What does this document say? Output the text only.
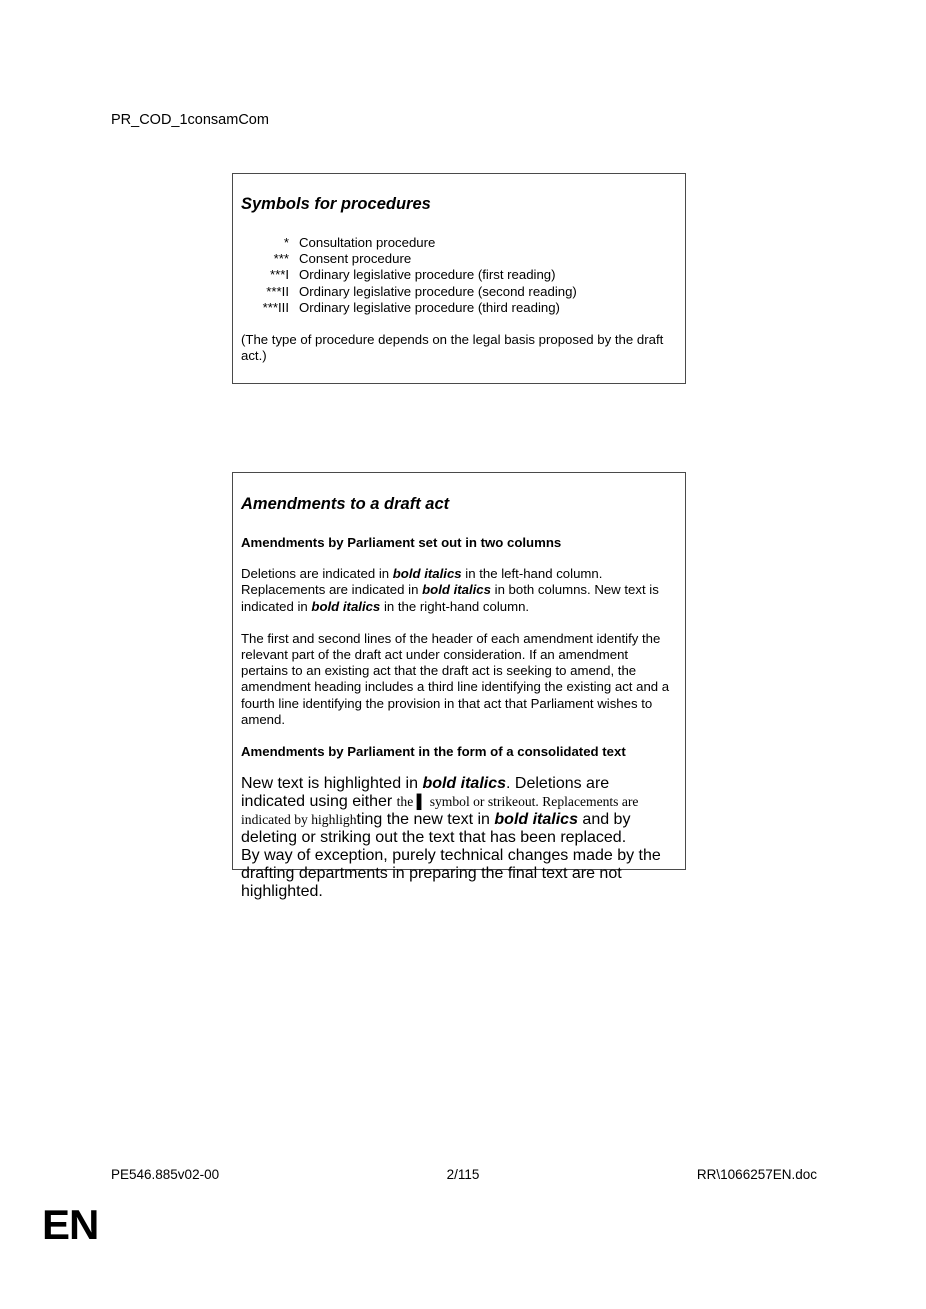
PR_COD_1consamCom
Symbols for procedures
* Consultation procedure
*** Consent procedure
***I Ordinary legislative procedure (first reading)
***II Ordinary legislative procedure (second reading)
***III Ordinary legislative procedure (third reading)
(The type of procedure depends on the legal basis proposed by the draft act.)
Amendments to a draft act
Amendments by Parliament set out in two columns

Deletions are indicated in bold italics in the left-hand column. Replacements are indicated in bold italics in both columns. New text is indicated in bold italics in the right-hand column.

The first and second lines of the header of each amendment identify the relevant part of the draft act under consideration. If an amendment pertains to an existing act that the draft act is seeking to amend, the amendment heading includes a third line identifying the existing act and a fourth line identifying the provision in that act that Parliament wishes to amend.

Amendments by Parliament in the form of a consolidated text

New text is highlighted in bold italics. Deletions are indicated using either the ▌ symbol or strikeout. Replacements are indicated by highlighting the new text in bold italics and by deleting or striking out the text that has been replaced.

By way of exception, purely technical changes made by the drafting departments in preparing the final text are not highlighted.

PE546.885v02-00	2/115	RR\1066257EN.doc
EN
